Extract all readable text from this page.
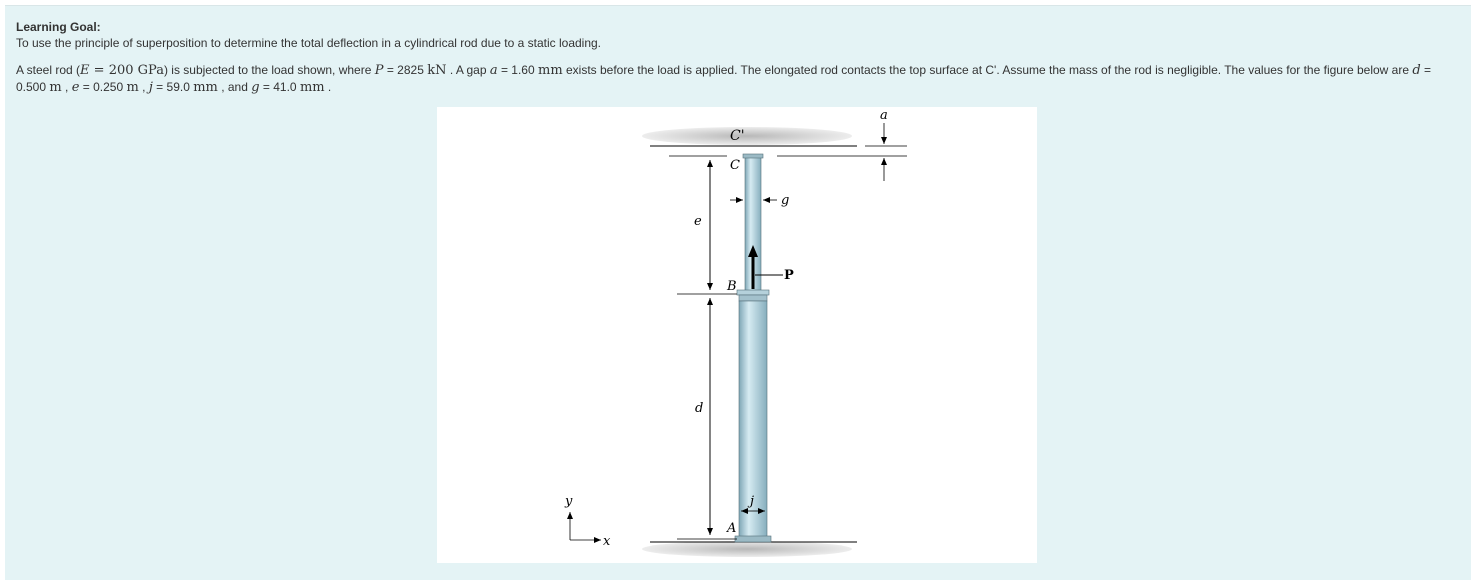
Learning Goal:
To use the principle of superposition to determine the total deflection in a cylindrical rod due to a static loading.
A steel rod (E = 200 GPa) is subjected to the load shown, where P = 2825 kN . A gap a = 1.60 mm exists before the load is applied. The elongated rod contacts the top surface at C'. Assume the mass of the rod is negligible. The values for the figure below are d = 0.500 m , e = 0.250 m , j = 59.0 mm , and g = 41.0 mm .
P
C'
C
B
A
e
d
g
j
a
y
x
